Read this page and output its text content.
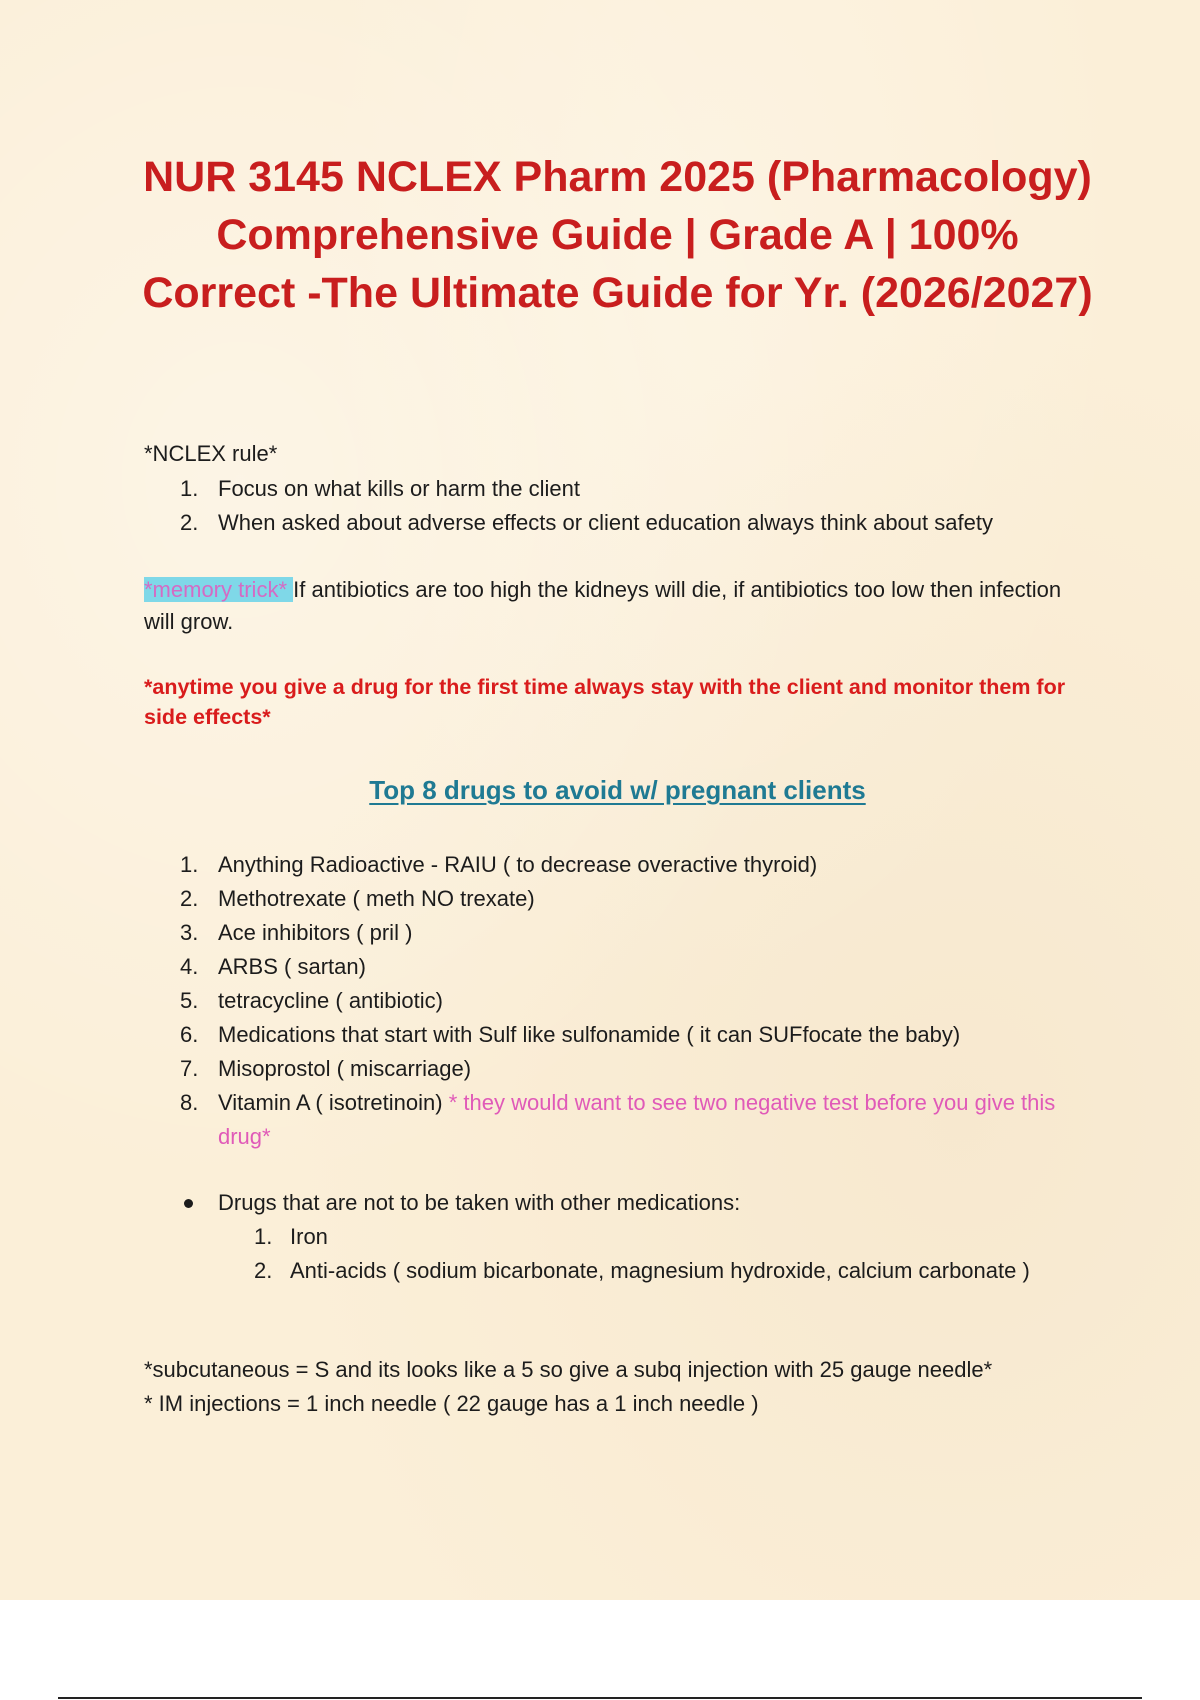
NUR 3145 NCLEX Pharm 2025 (Pharmacology) Comprehensive Guide | Grade A | 100% Correct -The Ultimate Guide for Yr. (2026/2027)
*NCLEX rule*
1. Focus on what kills or harm the client
2. When asked about adverse effects or client education always think about safety
*memory trick* If antibiotics are too high the kidneys will die, if antibiotics too low then infection will grow.
*anytime you give a drug for the first time always stay with the client and monitor them for side effects*
Top 8 drugs to avoid w/ pregnant clients
1. Anything Radioactive - RAIU ( to decrease overactive thyroid)
2. Methotrexate ( meth NO trexate)
3. Ace inhibitors ( pril )
4. ARBS ( sartan)
5. tetracycline ( antibiotic)
6. Medications that start with Sulf like sulfonamide ( it can SUFfocate the baby)
7. Misoprostol ( miscarriage)
8. Vitamin A ( isotretinoin) * they would want to see two negative test before you give this drug*
Drugs that are not to be taken with other medications:
1. Iron
2. Anti-acids ( sodium bicarbonate, magnesium hydroxide, calcium carbonate )
*subcutaneous = S and its looks like a 5 so give a subq injection with 25 gauge needle*
* IM injections = 1 inch needle ( 22 gauge has a 1 inch needle )
